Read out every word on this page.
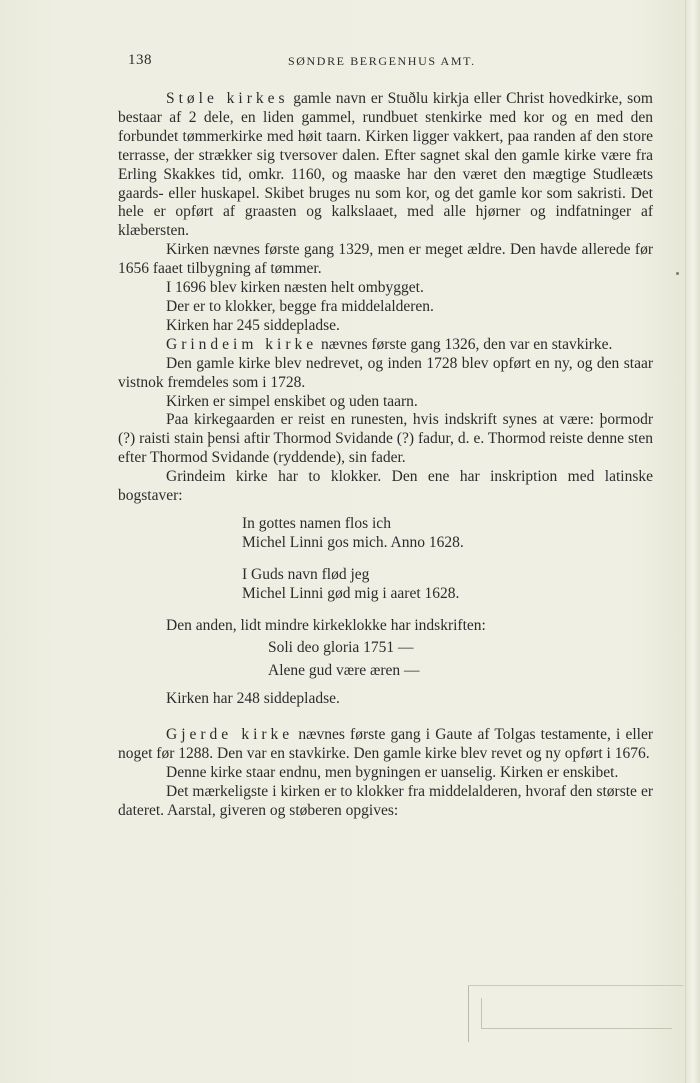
138	SØNDRE BERGENHUS AMT.

Støle kirkes gamle navn er Stuðlu kirkja eller Christ hovedkirke, som bestaar af 2 dele, en liden gammel, rundbuet stenkirke med kor og en med den forbundet tømmerkirke med høit taarn. Kirken ligger vakkert, paa randen af den store terrasse, der strækker sig tversover dalen. Efter sagnet skal den gamle kirke være fra Erling Skakkes tid, omkr. 1160, og maaske har den været den mægtige Studleæts gaards- eller huskapel. Skibet bruges nu som kor, og det gamle kor som sakristi. Det hele er opført af graasten og kalkslaaet, med alle hjørner og indfatninger af klæbersten.

Kirken nævnes første gang 1329, men er meget ældre. Den havde allerede før 1656 faaet tilbygning af tømmer.

I 1696 blev kirken næsten helt ombygget.

Der er to klokker, begge fra middelalderen.

Kirken har 245 siddepladse.

Grindeim kirke nævnes første gang 1326, den var en stavkirke.

Den gamle kirke blev nedrevet, og inden 1728 blev opført en ny, og den staar vistnok fremdeles som i 1728.

Kirken er simpel enskibet og uden taarn.

Paa kirkegaarden er reist en runesten, hvis indskrift synes at være: þormodr (?) raisti stain þensi aftir Thormod Svidande (?) fadur, d. e. Thormod reiste denne sten efter Thormod Svidande (ryddende), sin fader.

Grindeim kirke har to klokker. Den ene har inskription med latinske bogstaver:

In gottes namen flos ich
Michel Linni gos mich. Anno 1628.
I Guds navn flød jeg
Michel Linni gød mig i aaret 1628.

Den anden, lidt mindre kirkeklokke har indskriften:

Soli deo gloria 1751 —
Alene gud være æren —

Kirken har 248 siddepladse.

Gjerde kirke nævnes første gang i Gaute af Tolgas testamente, i eller noget før 1288. Den var en stavkirke. Den gamle kirke blev revet og ny opført i 1676.

Denne kirke staar endnu, men bygningen er uanselig. Kirken er enskibet.

Det mærkeligste i kirken er to klokker fra middelalderen, hvoraf den største er dateret. Aarstal, giveren og støberen opgives:
